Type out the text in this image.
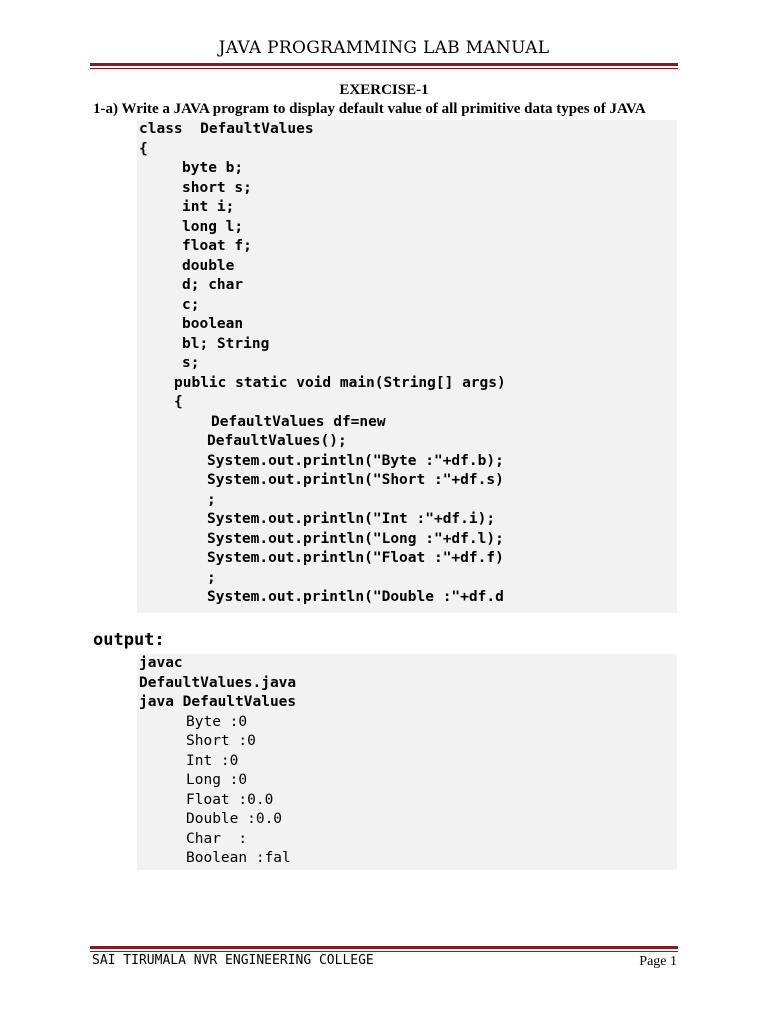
JAVA PROGRAMMING LAB MANUAL
EXERCISE-1
1-a) Write a JAVA program to display default value of all primitive data types of JAVA
class  DefaultValues
{
byte b;
short s;
int i;
long l;
float f;
double
d; char
c;
boolean
bl; String
s;
public static void main(String[] args)
{
DefaultValues df=new
DefaultValues();
System.out.println("Byte :"+df.b);
System.out.println("Short :"+df.s)
;
System.out.println("Int :"+df.i);
System.out.println("Long :"+df.l);
System.out.println("Float :"+df.f)
;
System.out.println("Double :"+df.d
output:
javac
DefaultValues.java
java DefaultValues
Byte :0
Short :0
Int :0
Long :0
Float :0.0
Double :0.0
Char  :
Boolean :fal
SAI TIRUMALA NVR ENGINEERING COLLEGE	Page 1
